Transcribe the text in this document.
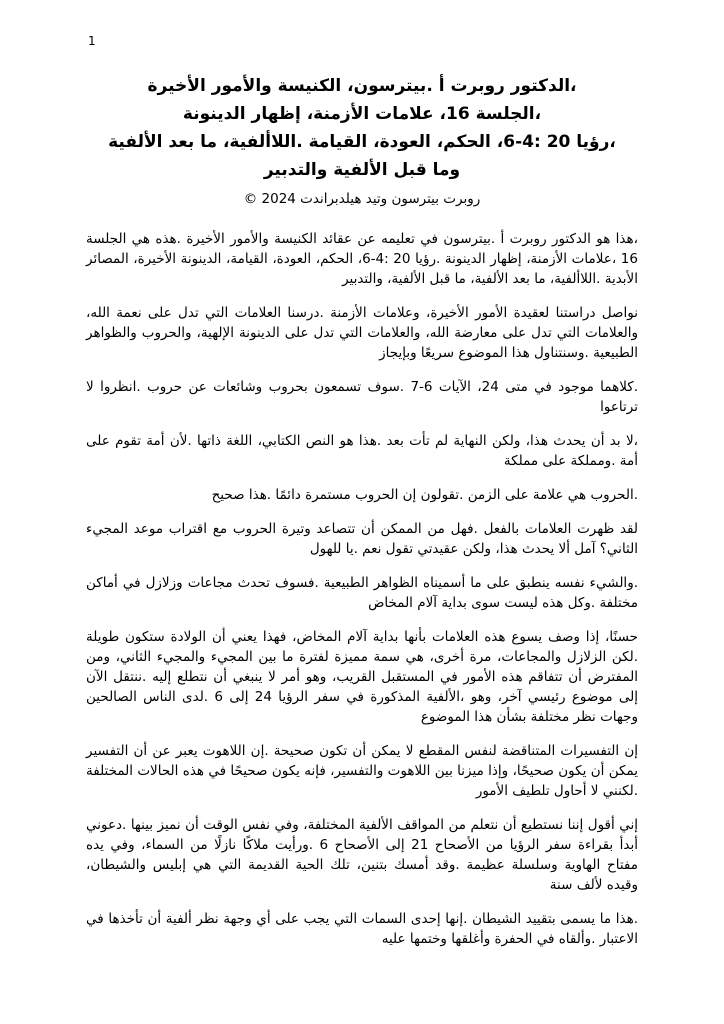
1
،الدكتور روبرت أ .بيترسون، الكنيسة والأمور الأخيرة
،الجلسة 16، علامات الأزمنة، إظهار الدينونة
،رؤيا 20 :4-6، الحكم، العودة، القيامة .اللاألفية، ما بعد الألفية
وما قبل الألفية والتدبير
روبرت بيترسون وتيد هيلدبراندت 2024 ©

،هذا هو الدكتور روبرت أ .بيترسون في تعليمه عن عقائد الكنيسة والأمور الأخيرة .هذه هي الجلسة 16 ،علامات الأزمنة، إظهار الدينونة .رؤيا 20 :4-6، الحكم، العودة، القيامة، الدينونة الأخيرة، المصائر الأبدية .اللاألفية، ما بعد الألفية، ما قبل الألفية، والتدبير

نواصل دراستنا لعقيدة الأمور الأخيرة، وعلامات الأزمنة .درسنا العلامات التي تدل على نعمة الله، والعلامات التي تدل على معارضة الله، والعلامات التي تدل على الدينونة الإلهية، والحروب والظواهر الطبيعية .وسنتناول هذا الموضوع سريعًا وبإيجاز

.كلاهما موجود في متى 24، الآيات 6-7 .سوف تسمعون بحروب وشائعات عن حروب .انظروا لا ترتاعوا

،لا بد أن يحدث هذا، ولكن النهاية لم تأت بعد .هذا هو النص الكتابي، اللغة ذاتها .لأن أمة تقوم على أمة .ومملكة على مملكة

.الحروب هي علامة على الزمن .تقولون إن الحروب مستمرة دائمًا .هذا صحيح

لقد ظهرت العلامات بالفعل .فهل من الممكن أن تتصاعد وتيرة الحروب مع اقتراب موعد المجيء الثاني؟ آمل ألا يحدث هذا، ولكن عقيدتي تقول نعم .يا للهول

.والشيء نفسه ينطبق على ما أسميناه الظواهر الطبيعية .فسوف تحدث مجاعات وزلازل في أماكن مختلفة .وكل هذه ليست سوى بداية آلام المخاض

حسنًا، إذا وصف يسوع هذه العلامات بأنها بداية آلام المخاض، فهذا يعني أن الولادة ستكون طويلة .لكن الزلازل والمجاعات، مرة أخرى، هي سمة مميزة لفترة ما بين المجيء والمجيء الثاني، ومن المفترض أن تتفاقم هذه الأمور في المستقبل القريب، وهو أمر لا ينبغي أن نتطلع إليه .ننتقل الآن إلى موضوع رئيسي آخر، وهو ،الألفية المذكورة في سفر الرؤيا 24 إلى 6 .لدى الناس الصالحين وجهات نظر مختلفة بشأن هذا الموضوع

إن التفسيرات المتناقضة لنفس المقطع لا يمكن أن تكون صحيحة .إن اللاهوت يعبر عن أن التفسير يمكن أن يكون صحيحًا، وإذا ميزنا بين اللاهوت والتفسير، فإنه يكون صحيحًا في هذه الحالات المختلفة .لكنني لا أحاول تلطيف الأمور

إني أقول إننا نستطيع أن نتعلم من المواقف الألفية المختلفة، وفي نفس الوقت أن نميز بينها .دعوني أبدأ بقراءة سفر الرؤيا من الأصحاح 21 إلى الأصحاح 6 .ورأيت ملاكًا نازلًا من السماء، وفي يده مفتاح الهاوية وسلسلة عظيمة .وقد أمسك بتنين، تلك الحية القديمة التي هي إبليس والشيطان، وقيده لألف سنة

.هذا ما يسمى بتقييد الشيطان .إنها إحدى السمات التي يجب على أي وجهة نظر ألفية أن تأخذها في الاعتبار .وألقاه في الحفرة وأغلقها وختمها عليه
